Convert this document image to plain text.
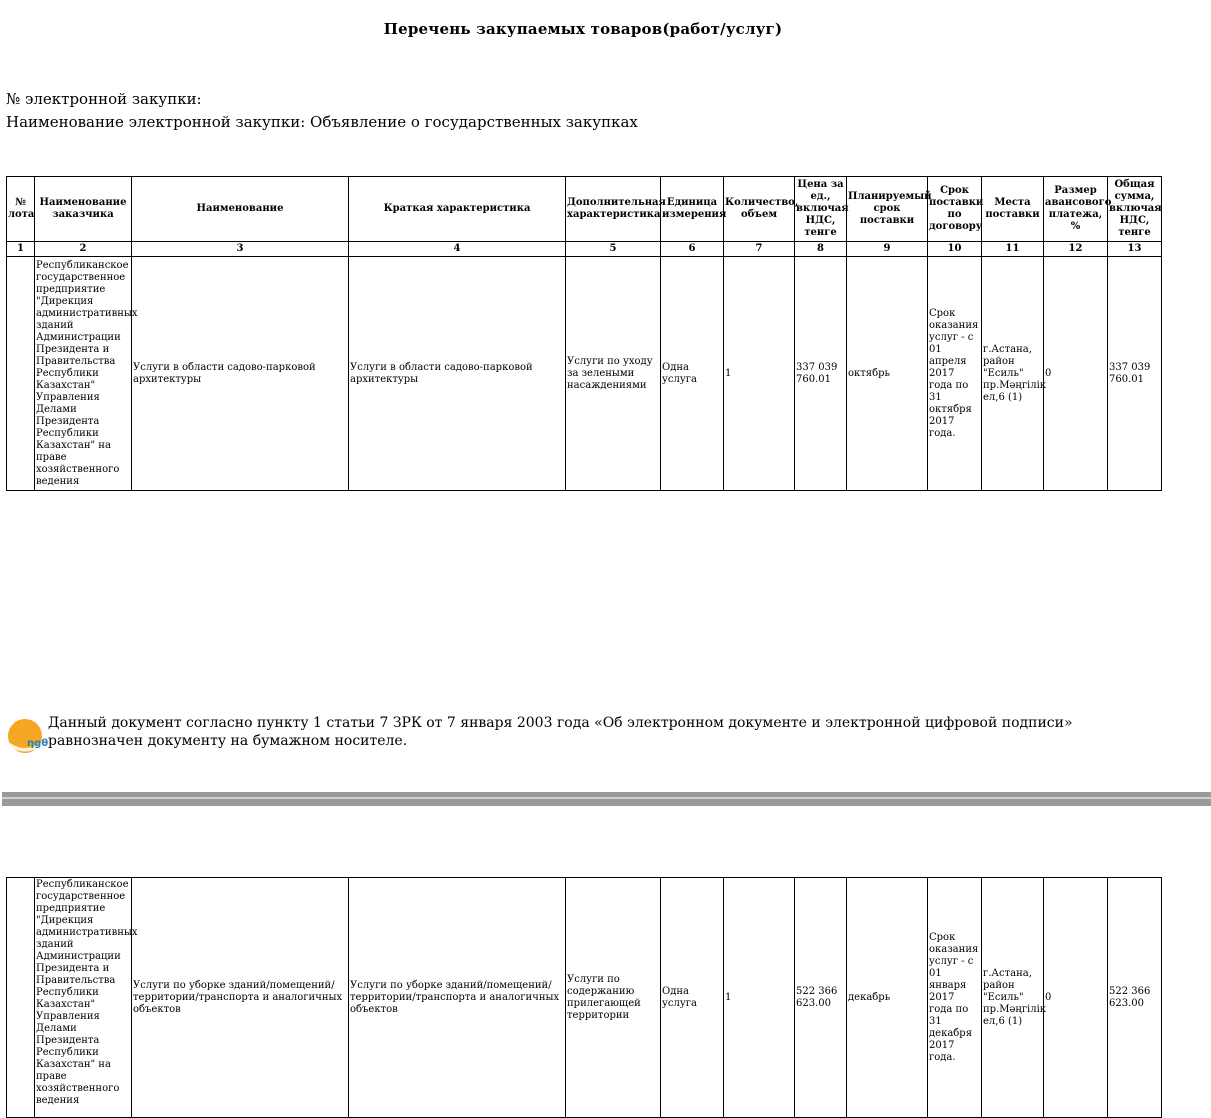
Перечень закупаемых товаров(работ/услуг)
№ электронной закупки:
Наименование электронной закупки: Объявление о государственных закупках
№ лота	Наименование заказчика	Наименование	Краткая характеристика	Дополнительная характеристика	Единица измерения	Количество, объем	Цена за ед., включая НДС, тенге	Планируемый срок поставки	Срок поставки по договору	Места поставки	Размер авансового платежа, %	Общая сумма, включая НДС, тенге
1	2	3	4	5	6	7	8	9	10	11	12	13
	Республиканское государственное предприятие "Дирекция административных зданий Администрации Президента и Правительства Республики Казахстан" Управления Делами Президента Республики Казахстан" на праве хозяйственного ведения	Услуги в области садово-парковой архитектуры	Услуги в области садово-парковой архитектуры	Услуги по уходу за зелеными насаждениями	Одна услуга	1	337 039 760.01	октябрь	Срок оказания услуг - с 01 апреля 2017 года по 31 октября 2017 года.	г.Астана, район "Есиль" пр.Мәңгілік ел,6 (1)	0	337 039 760.01
ηgθ
Данный документ согласно пункту 1 статьи 7 ЗРК от 7 января 2003 года «Об электронном документе и электронной цифровой подписи» равнозначен документу на бумажном носителе.
	Республиканское государственное предприятие "Дирекция административных зданий Администрации Президента и Правительства Республики Казахстан" Управления Делами Президента Республики Казахстан" на праве хозяйственного ведения	Услуги по уборке зданий/помещений/территории/транспорта и аналогичных объектов	Услуги по уборке зданий/помещений/территории/транспорта и аналогичных объектов	Услуги по содержанию прилегающей территории	Одна услуга	1	522 366 623.00	декабрь	Срок оказания услуг - с 01 января 2017 года по 31 декабря 2017 года.	г.Астана, район "Есиль" пр.Мәңгілік ел,6 (1)	0	522 366 623.00
